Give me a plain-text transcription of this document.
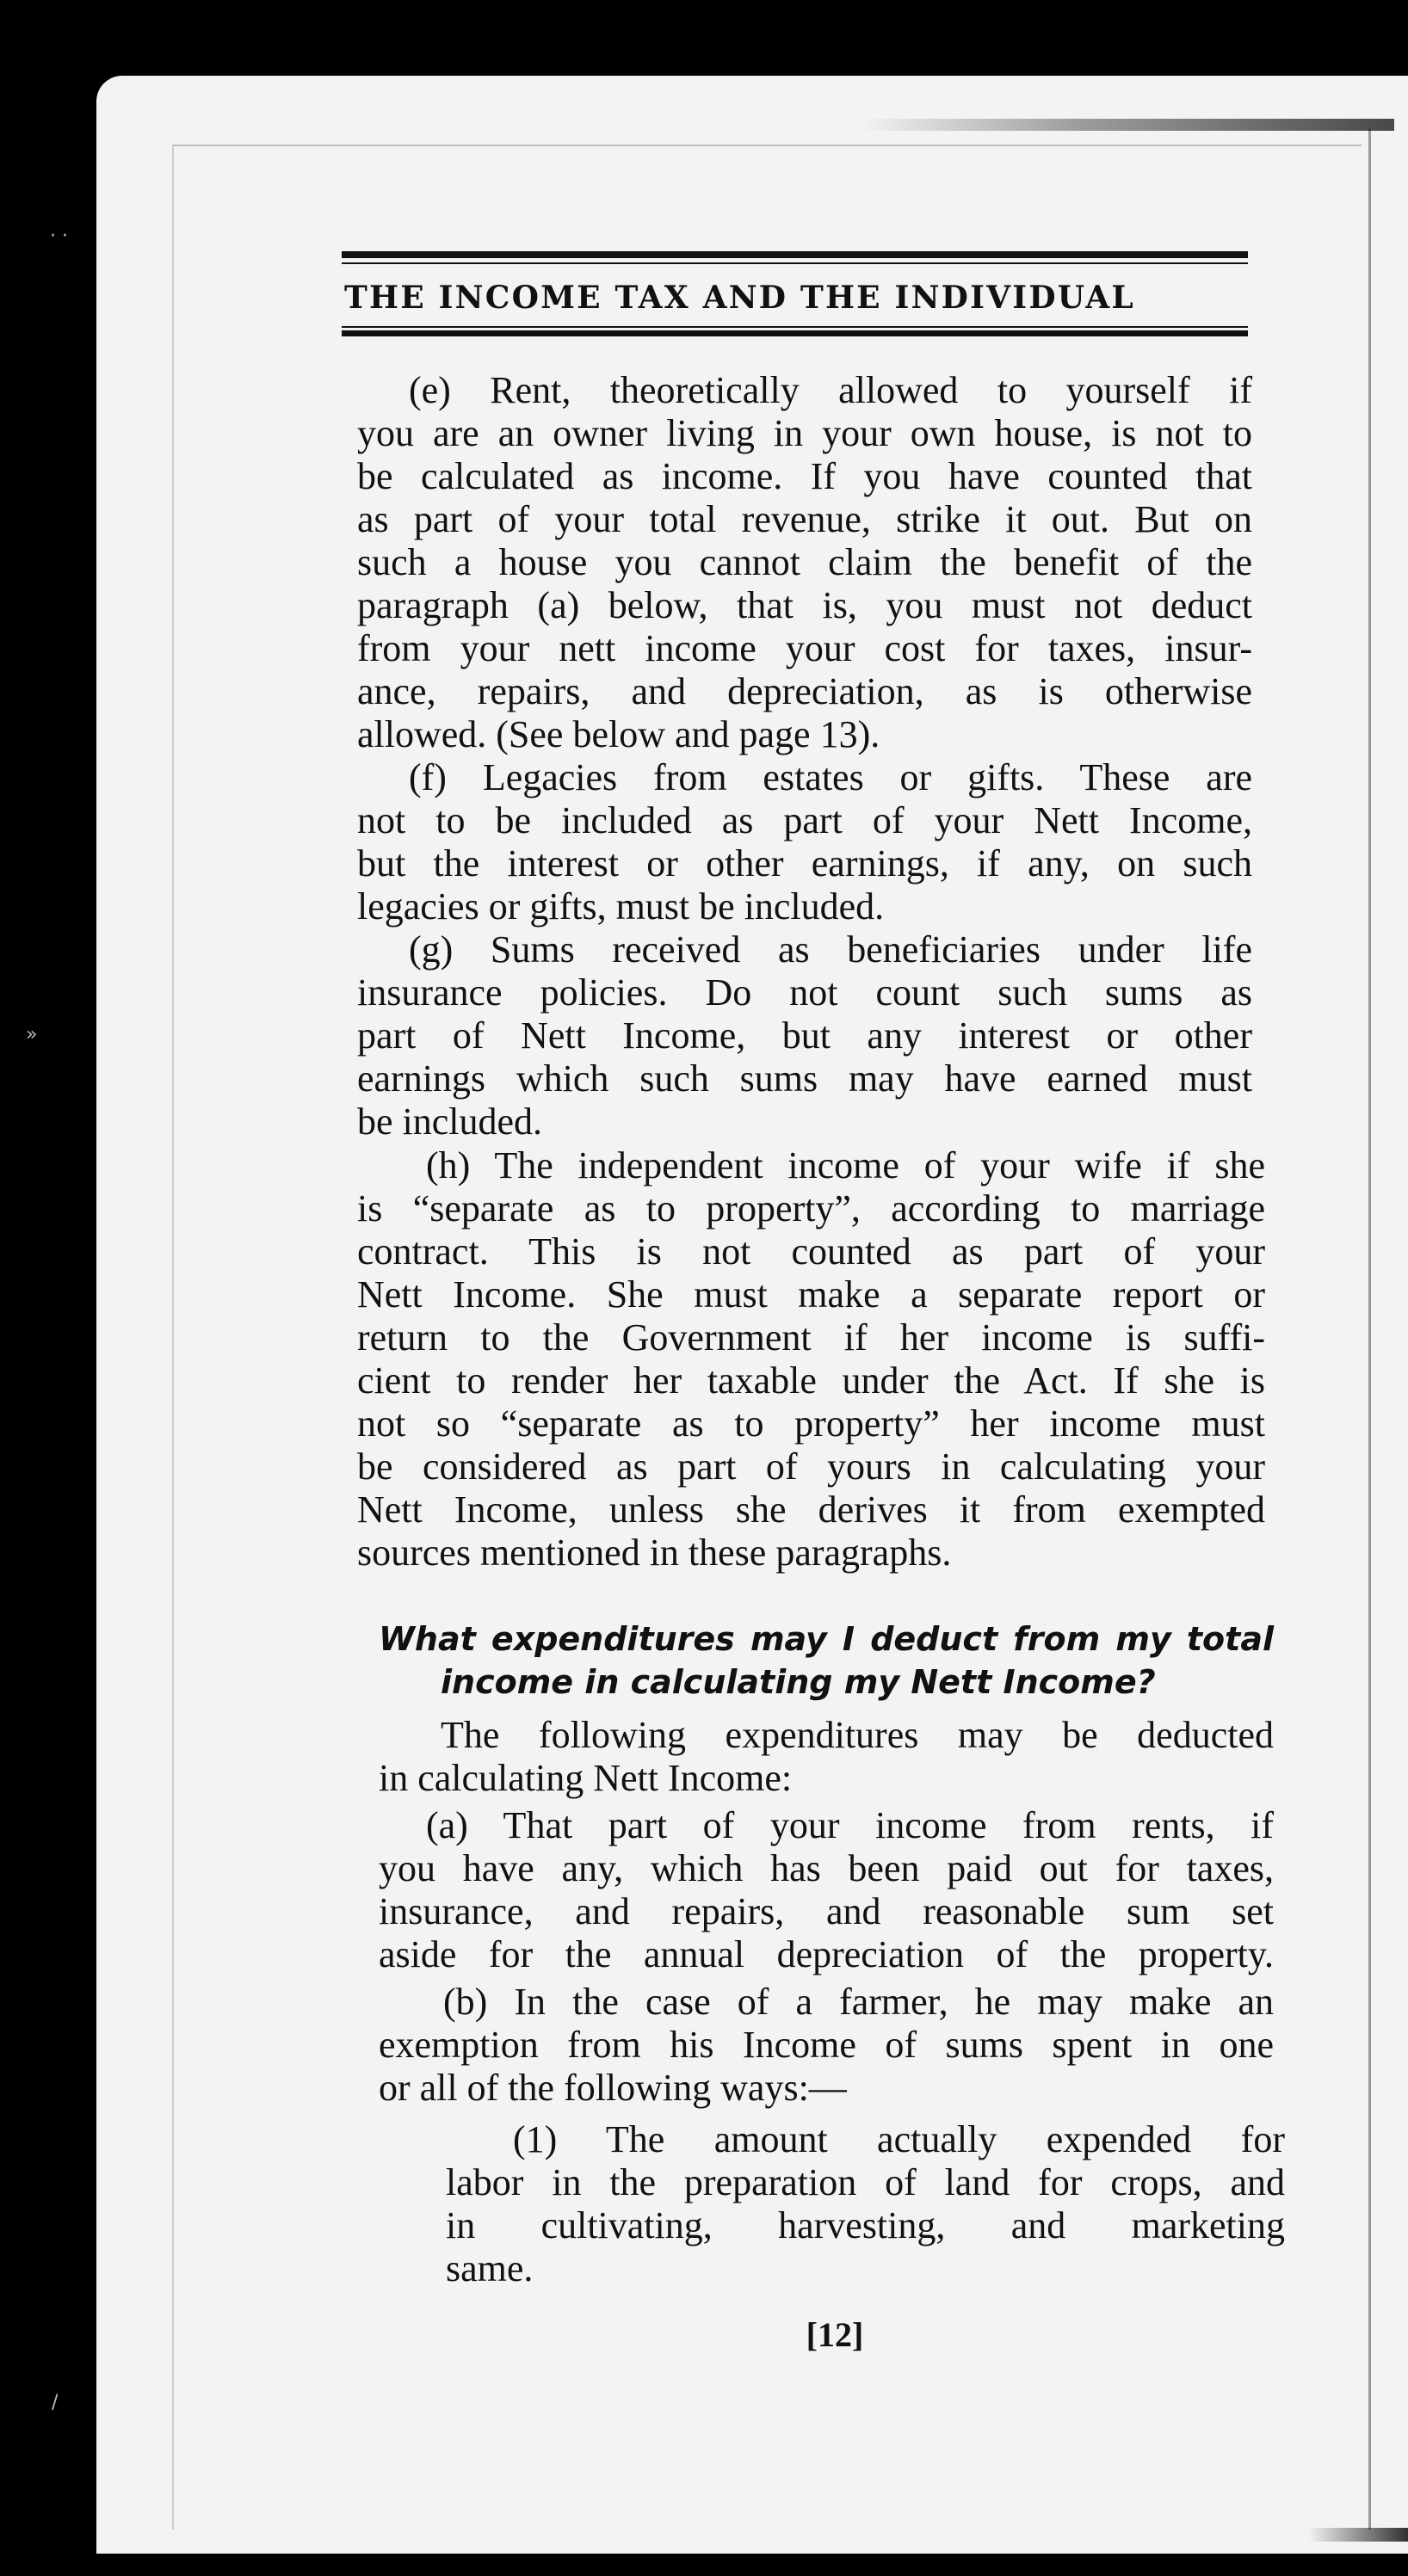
· ·
»
/
THE INCOME TAX AND THE INDIVIDUAL
(e) Rent, theoretically allowed to yourself if
you are an owner living in your own house, is not to
be calculated as income. If you have counted that
as part of your total revenue, strike it out. But on
such a house you cannot claim the benefit of the
paragraph (a) below, that is, you must not deduct
from your nett income your cost for taxes, insur-
ance, repairs, and depreciation, as is otherwise
allowed. (See below and page 13).
(f) Legacies from estates or gifts. These are
not to be included as part of your Nett Income,
but the interest or other earnings, if any, on such
legacies or gifts, must be included.
(g) Sums received as beneficiaries under life
insurance policies. Do not count such sums as
part of Nett Income, but any interest or other
earnings which such sums may have earned must
be included.
(h) The independent income of your wife if she
is “separate as to property”, according to marriage
contract. This is not counted as part of your
Nett Income. She must make a separate report or
return to the Government if her income is suffi-
cient to render her taxable under the Act. If she is
not so “separate as to property” her income must
be considered as part of yours in calculating your
Nett Income, unless she derives it from exempted
sources mentioned in these paragraphs.
What expenditures may I deduct from my total
income in calculating my Nett Income?
The following expenditures may be deducted
in calculating Nett Income:
(a) That part of your income from rents, if
you have any, which has been paid out for taxes,
insurance, and repairs, and reasonable sum set
aside for the annual depreciation of the property.
(b) In the case of a farmer, he may make an
exemption from his Income of sums spent in one
or all of the following ways:—
(1) The amount actually expended for
labor in the preparation of land for crops, and
in cultivating, harvesting, and marketing
same.
[12]
